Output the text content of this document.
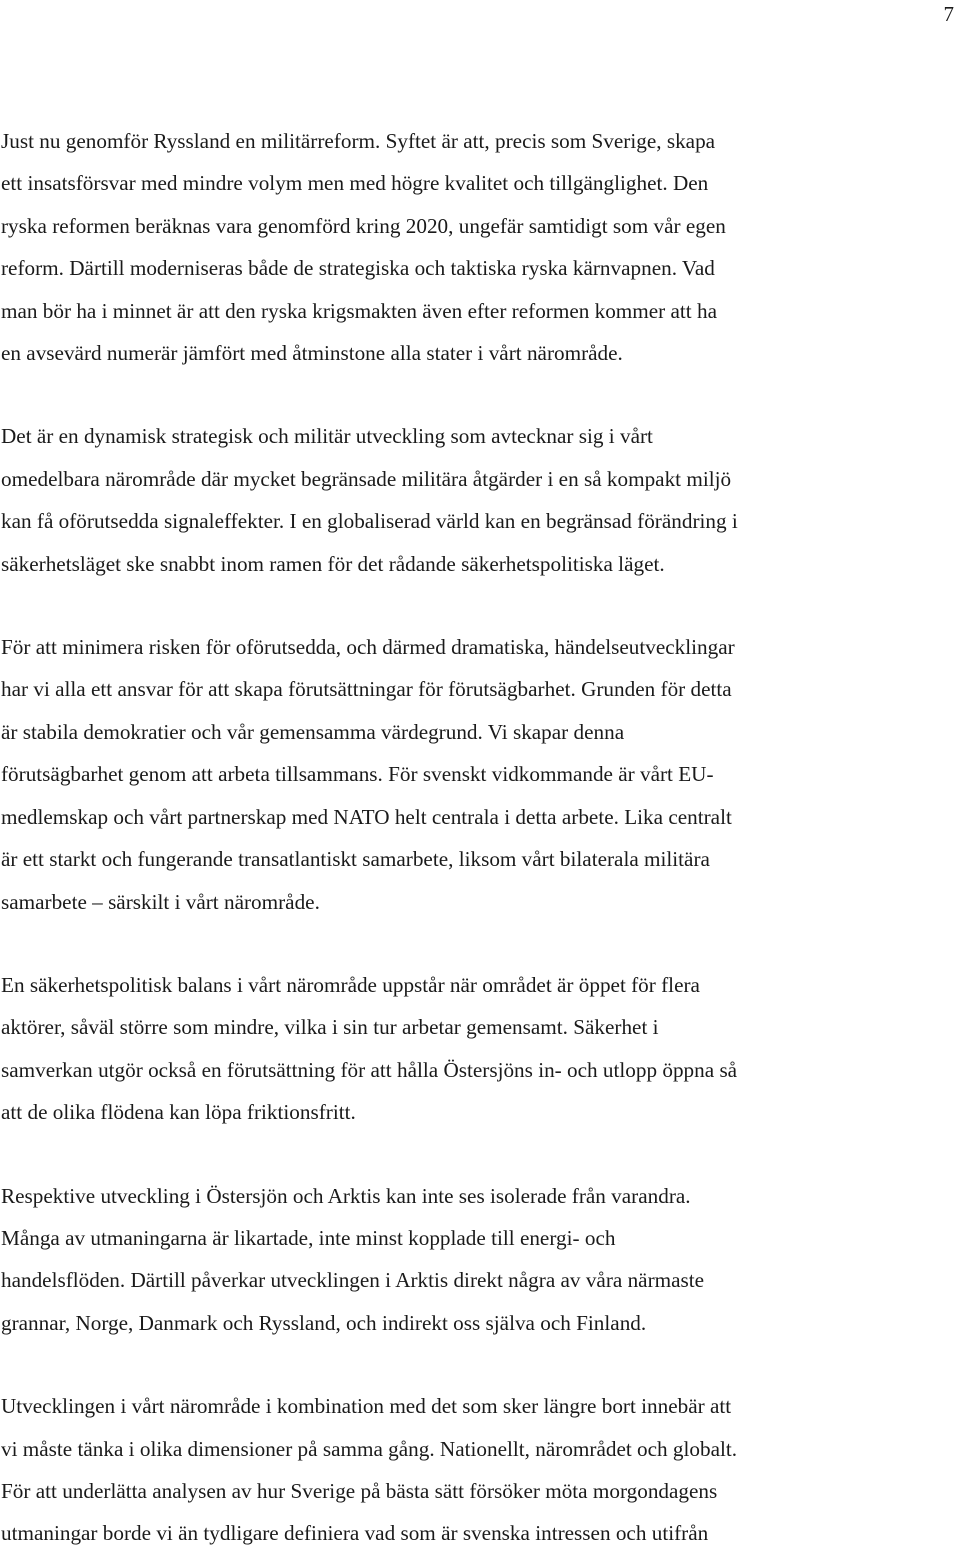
7

Just nu genomför Ryssland en militärreform. Syftet är att, precis som Sverige, skapa
ett insatsförsvar med mindre volym men med högre kvalitet och tillgänglighet. Den
ryska reformen beräknas vara genomförd kring 2020, ungefär samtidigt som vår egen
reform. Därtill moderniseras både de strategiska och taktiska ryska kärnvapnen. Vad
man bör ha i minnet är att den ryska krigsmakten även efter reformen kommer att ha
en avsevärd numerär jämfört med åtminstone alla stater i vårt närområde.

Det är en dynamisk strategisk och militär utveckling som avtecknar sig i vårt
omedelbara närområde där mycket begränsade militära åtgärder i en så kompakt miljö
kan få oförutsedda signaleffekter. I en globaliserad värld kan en begränsad förändring i
säkerhetsläget ske snabbt inom ramen för det rådande säkerhetspolitiska läget.

För att minimera risken för oförutsedda, och därmed dramatiska, händelseutvecklingar
har vi alla ett ansvar för att skapa förutsättningar för förutsägbarhet. Grunden för detta
är stabila demokratier och vår gemensamma värdegrund. Vi skapar denna
förutsägbarhet genom att arbeta tillsammans. För svenskt vidkommande är vårt EU-
medlemskap och vårt partnerskap med NATO helt centrala i detta arbete. Lika centralt
är ett starkt och fungerande transatlantiskt samarbete, liksom vårt bilaterala militära
samarbete – särskilt i vårt närområde.

En säkerhetspolitisk balans i vårt närområde uppstår när området är öppet för flera
aktörer, såväl större som mindre, vilka i sin tur arbetar gemensamt. Säkerhet i
samverkan utgör också en förutsättning för att hålla Östersjöns in- och utlopp öppna så
att de olika flödena kan löpa friktionsfritt.

Respektive utveckling i Östersjön och Arktis kan inte ses isolerade från varandra.
Många av utmaningarna är likartade, inte minst kopplade till energi- och
handelsflöden. Därtill påverkar utvecklingen i Arktis direkt några av våra närmaste
grannar, Norge, Danmark och Ryssland, och indirekt oss själva och Finland.

Utvecklingen i vårt närområde i kombination med det som sker längre bort innebär att
vi måste tänka i olika dimensioner på samma gång. Nationellt, närområdet och globalt.
För att underlätta analysen av hur Sverige på bästa sätt försöker möta morgondagens
utmaningar borde vi än tydligare definiera vad som är svenska intressen och utifrån
